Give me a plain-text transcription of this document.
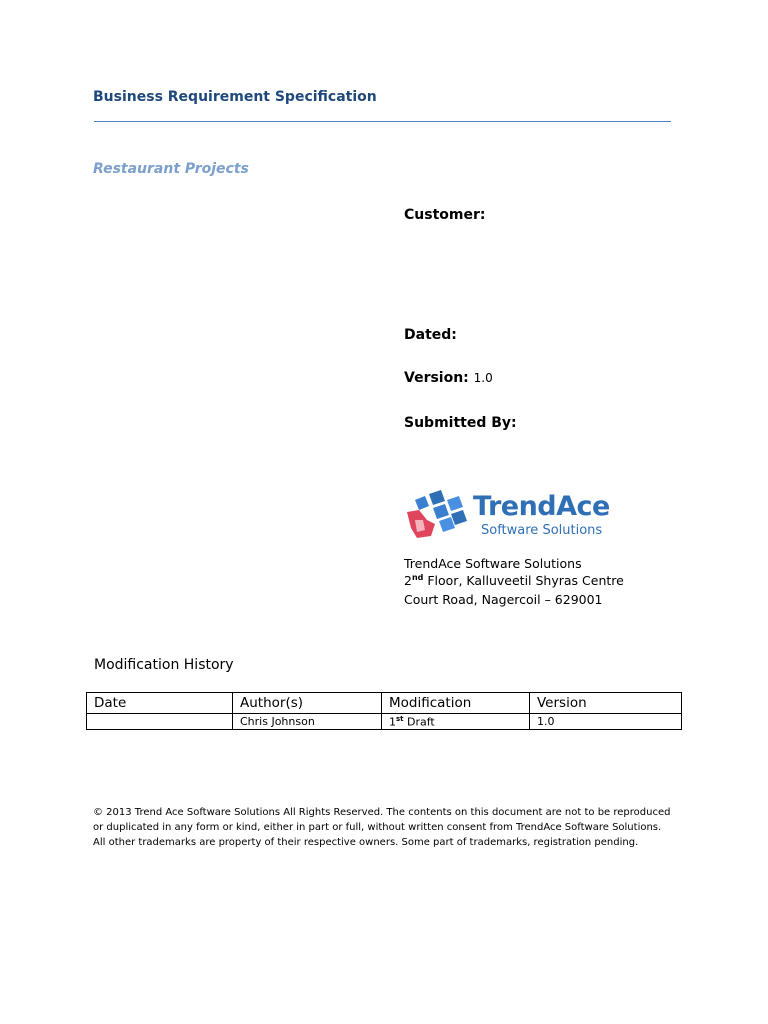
Business Requirement Specification
Restaurant Projects
Customer:
Dated:
Version: 1.0
Submitted By:
TrendAce
Software Solutions
TrendAce Software Solutions
2nd Floor, Kalluveetil Shyras Centre
Court Road, Nagercoil – 629001
Modification History
Date	Author(s)	Modification	Version
	Chris Johnson	1st Draft	1.0
© 2013 Trend Ace Software Solutions All Rights Reserved. The contents on this document are not to be reproduced or duplicated in any form or kind, either in part or full, without written consent from TrendAce Software Solutions. All other trademarks are property of their respective owners. Some part of trademarks, registration pending.
